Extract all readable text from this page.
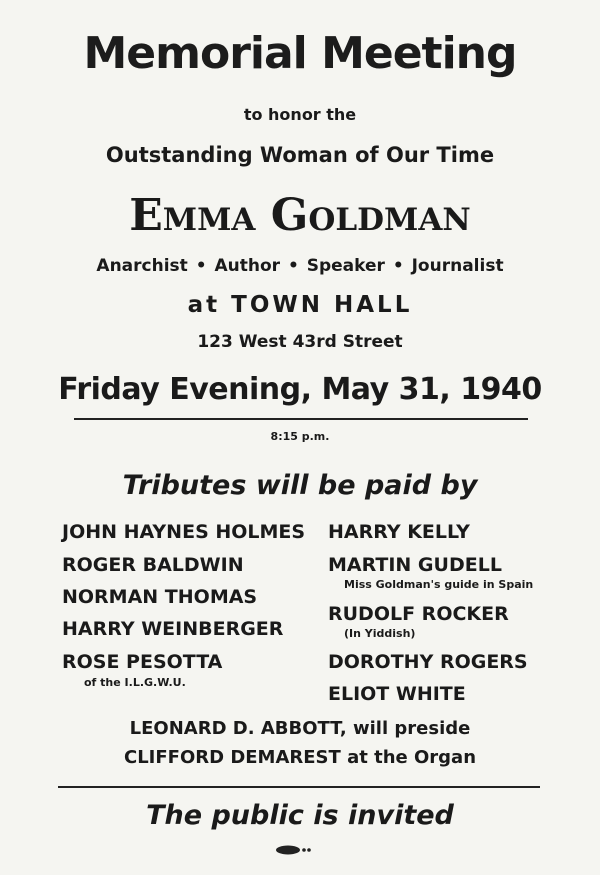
Memorial Meeting
to honor the
Outstanding Woman of Our Time
Emma Goldman
Anarchist • Author • Speaker • Journalist
at TOWN HALL
123 West 43rd Street
Friday Evening, May 31, 1940
8:15 p.m.
Tributes will be paid by
JOHN HAYNES HOLMES
ROGER BALDWIN
NORMAN THOMAS
HARRY WEINBERGER
ROSE PESOTTA
of the I.L.G.W.U.
HARRY KELLY
MARTIN GUDELL
Miss Goldman's guide in Spain
RUDOLF ROCKER
(In Yiddish)
DOROTHY ROGERS
ELIOT WHITE
LEONARD D. ABBOTT, will preside
CLIFFORD DEMAREST at the Organ
The public is invited
